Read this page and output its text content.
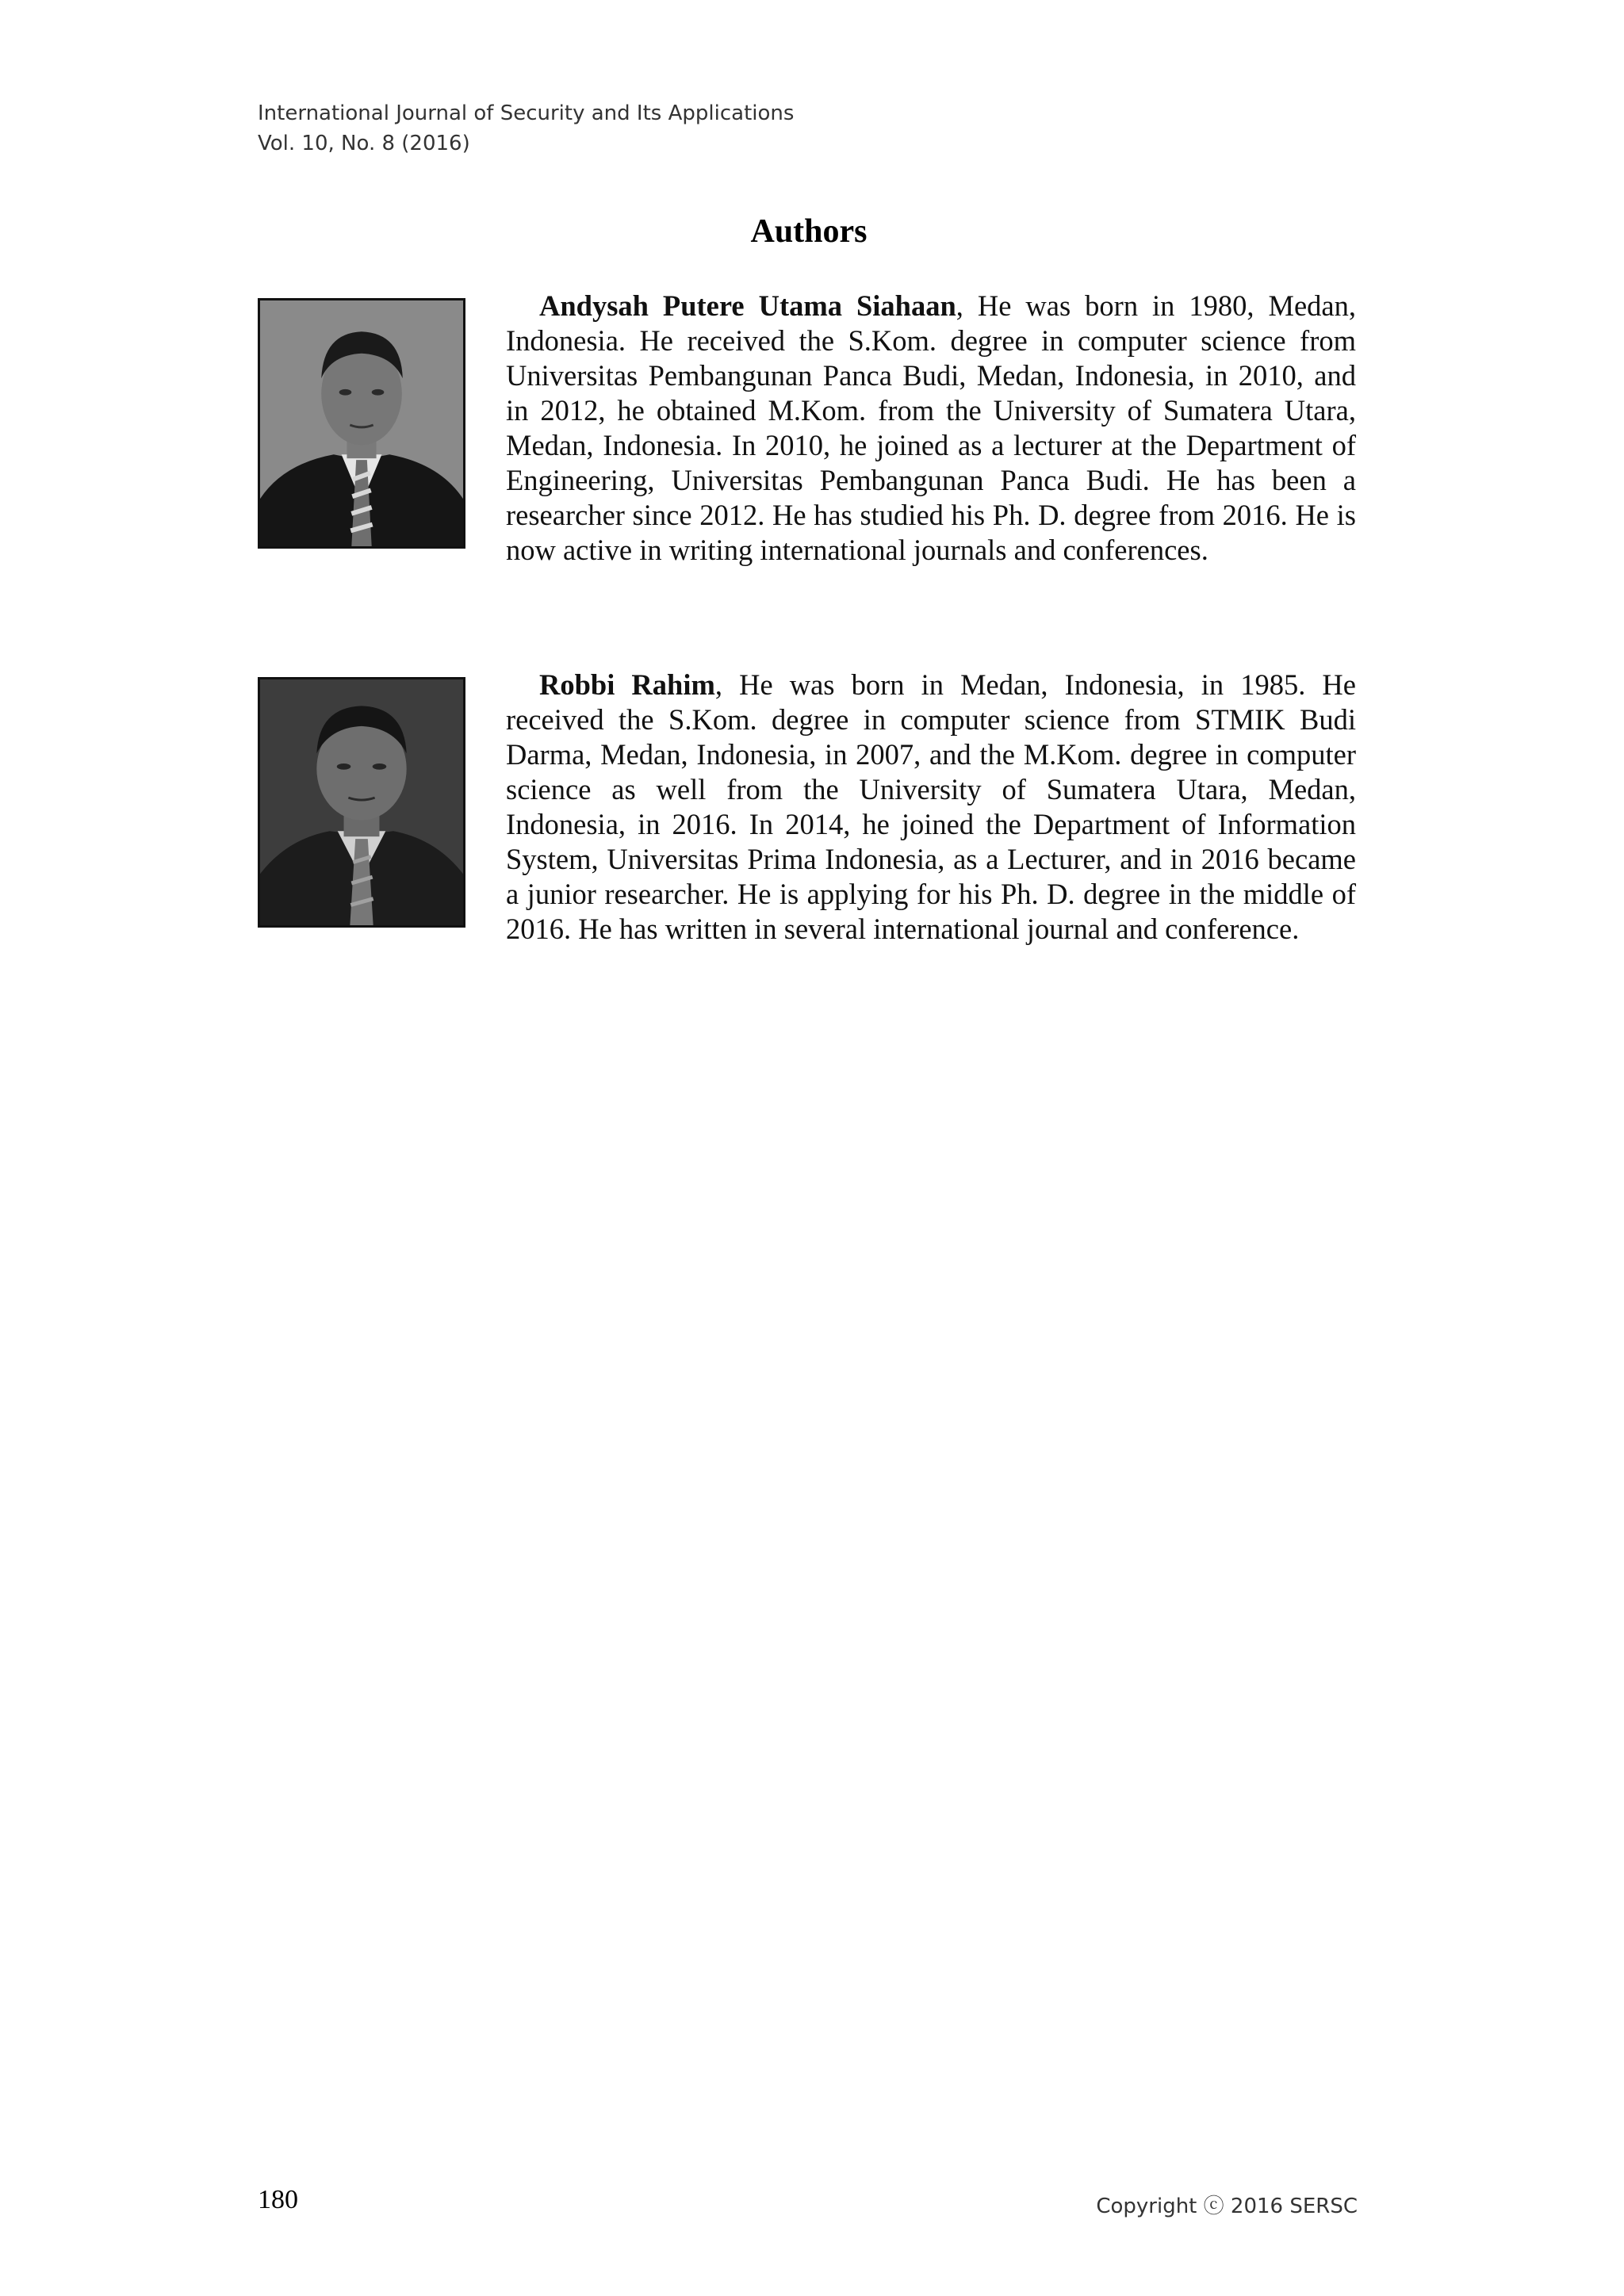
International Journal of Security and Its Applications
Vol. 10, No. 8 (2016)
Authors

Andysah Putere Utama Siahaan, He was born in 1980, Medan, Indonesia. He received the S.Kom. degree in computer science from Universitas Pembangunan Panca Budi, Medan, Indonesia, in 2010, and in 2012, he obtained M.Kom. from the University of Sumatera Utara, Medan, Indonesia. In 2010, he joined as a lecturer at the Department of Engineering, Universitas Pembangunan Panca Budi. He has been a researcher since 2012. He has studied his Ph. D. degree from 2016. He is now active in writing international journals and conferences.

Robbi Rahim, He was born in Medan, Indonesia, in 1985. He received the S.Kom. degree in computer science from STMIK Budi Darma, Medan, Indonesia, in 2007, and the M.Kom. degree in computer science as well from the University of Sumatera Utara, Medan, Indonesia, in 2016. In 2014, he joined the Department of Information System, Universitas Prima Indonesia, as a Lecturer, and in 2016 became a junior researcher. He is applying for his Ph. D. degree in the middle of 2016. He has written in several international journal and conference.

180	Copyright ⓒ 2016 SERSC
